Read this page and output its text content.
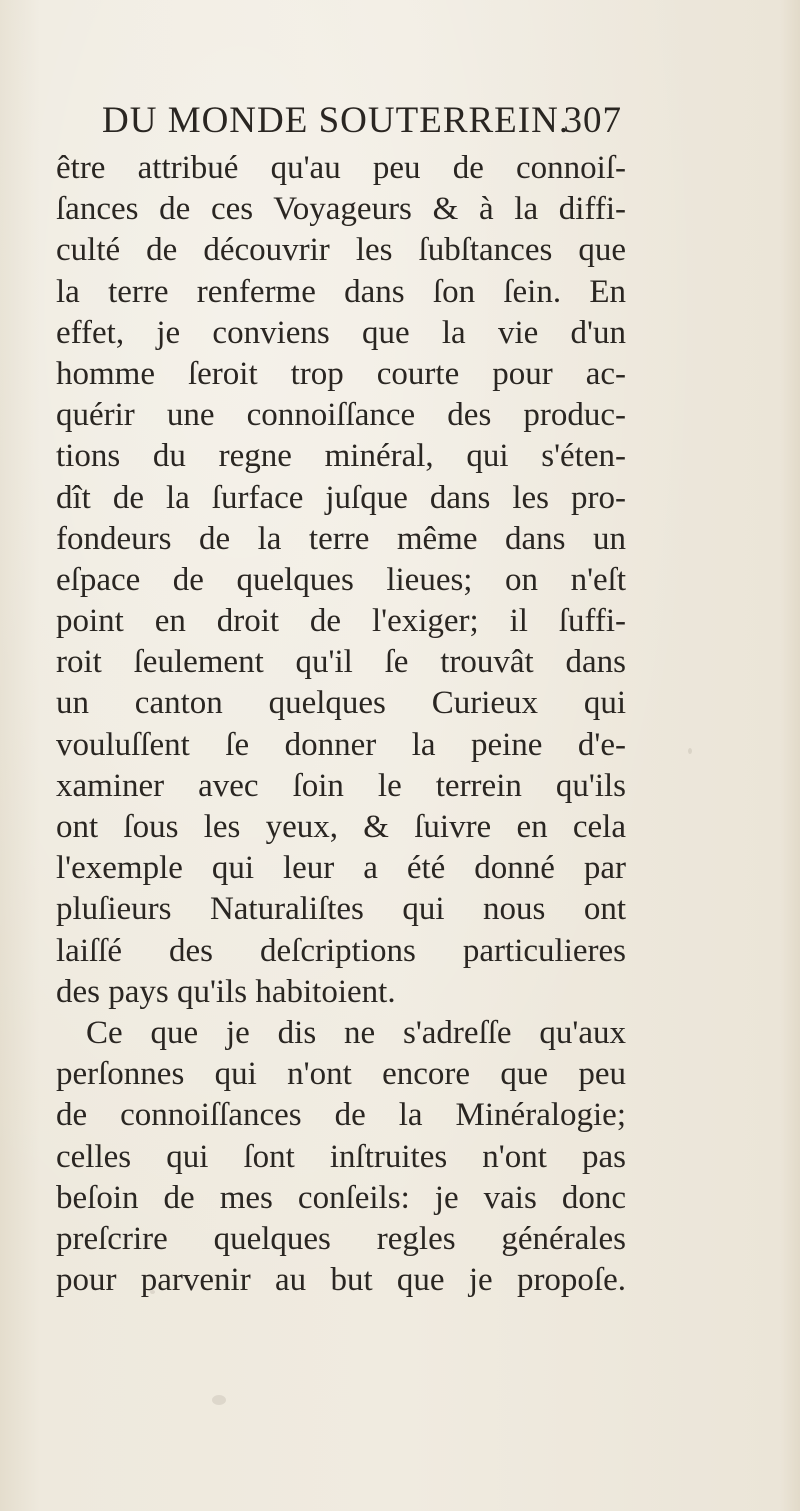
DU MONDE SOUTERREIN.
307
être attribué qu'au peu de connoiſ-
ſances de ces Voyageurs & à la diffi-
culté de découvrir les ſubſtances que
la terre renferme dans ſon ſein. En
effet, je conviens que la vie d'un
homme ſeroit trop courte pour ac-
quérir une connoiſſance des produc-
tions du regne minéral, qui s'éten-
dît de la ſurface juſque dans les pro-
fondeurs de la terre même dans un
eſpace de quelques lieues; on n'eſt
point en droit de l'exiger; il ſuffi-
roit ſeulement qu'il ſe trouvât dans
un canton quelques Curieux qui
vouluſſent ſe donner la peine d'e-
xaminer avec ſoin le terrein qu'ils
ont ſous les yeux, & ſuivre en cela
l'exemple qui leur a été donné par
pluſieurs Naturaliſtes qui nous ont
laiſſé des deſcriptions particulieres
des pays qu'ils habitoient.
Ce que je dis ne s'adreſſe qu'aux
perſonnes qui n'ont encore que peu
de connoiſſances de la Minéralogie;
celles qui ſont inſtruites n'ont pas
beſoin de mes conſeils: je vais donc
preſcrire quelques regles générales
pour parvenir au but que je propoſe.
